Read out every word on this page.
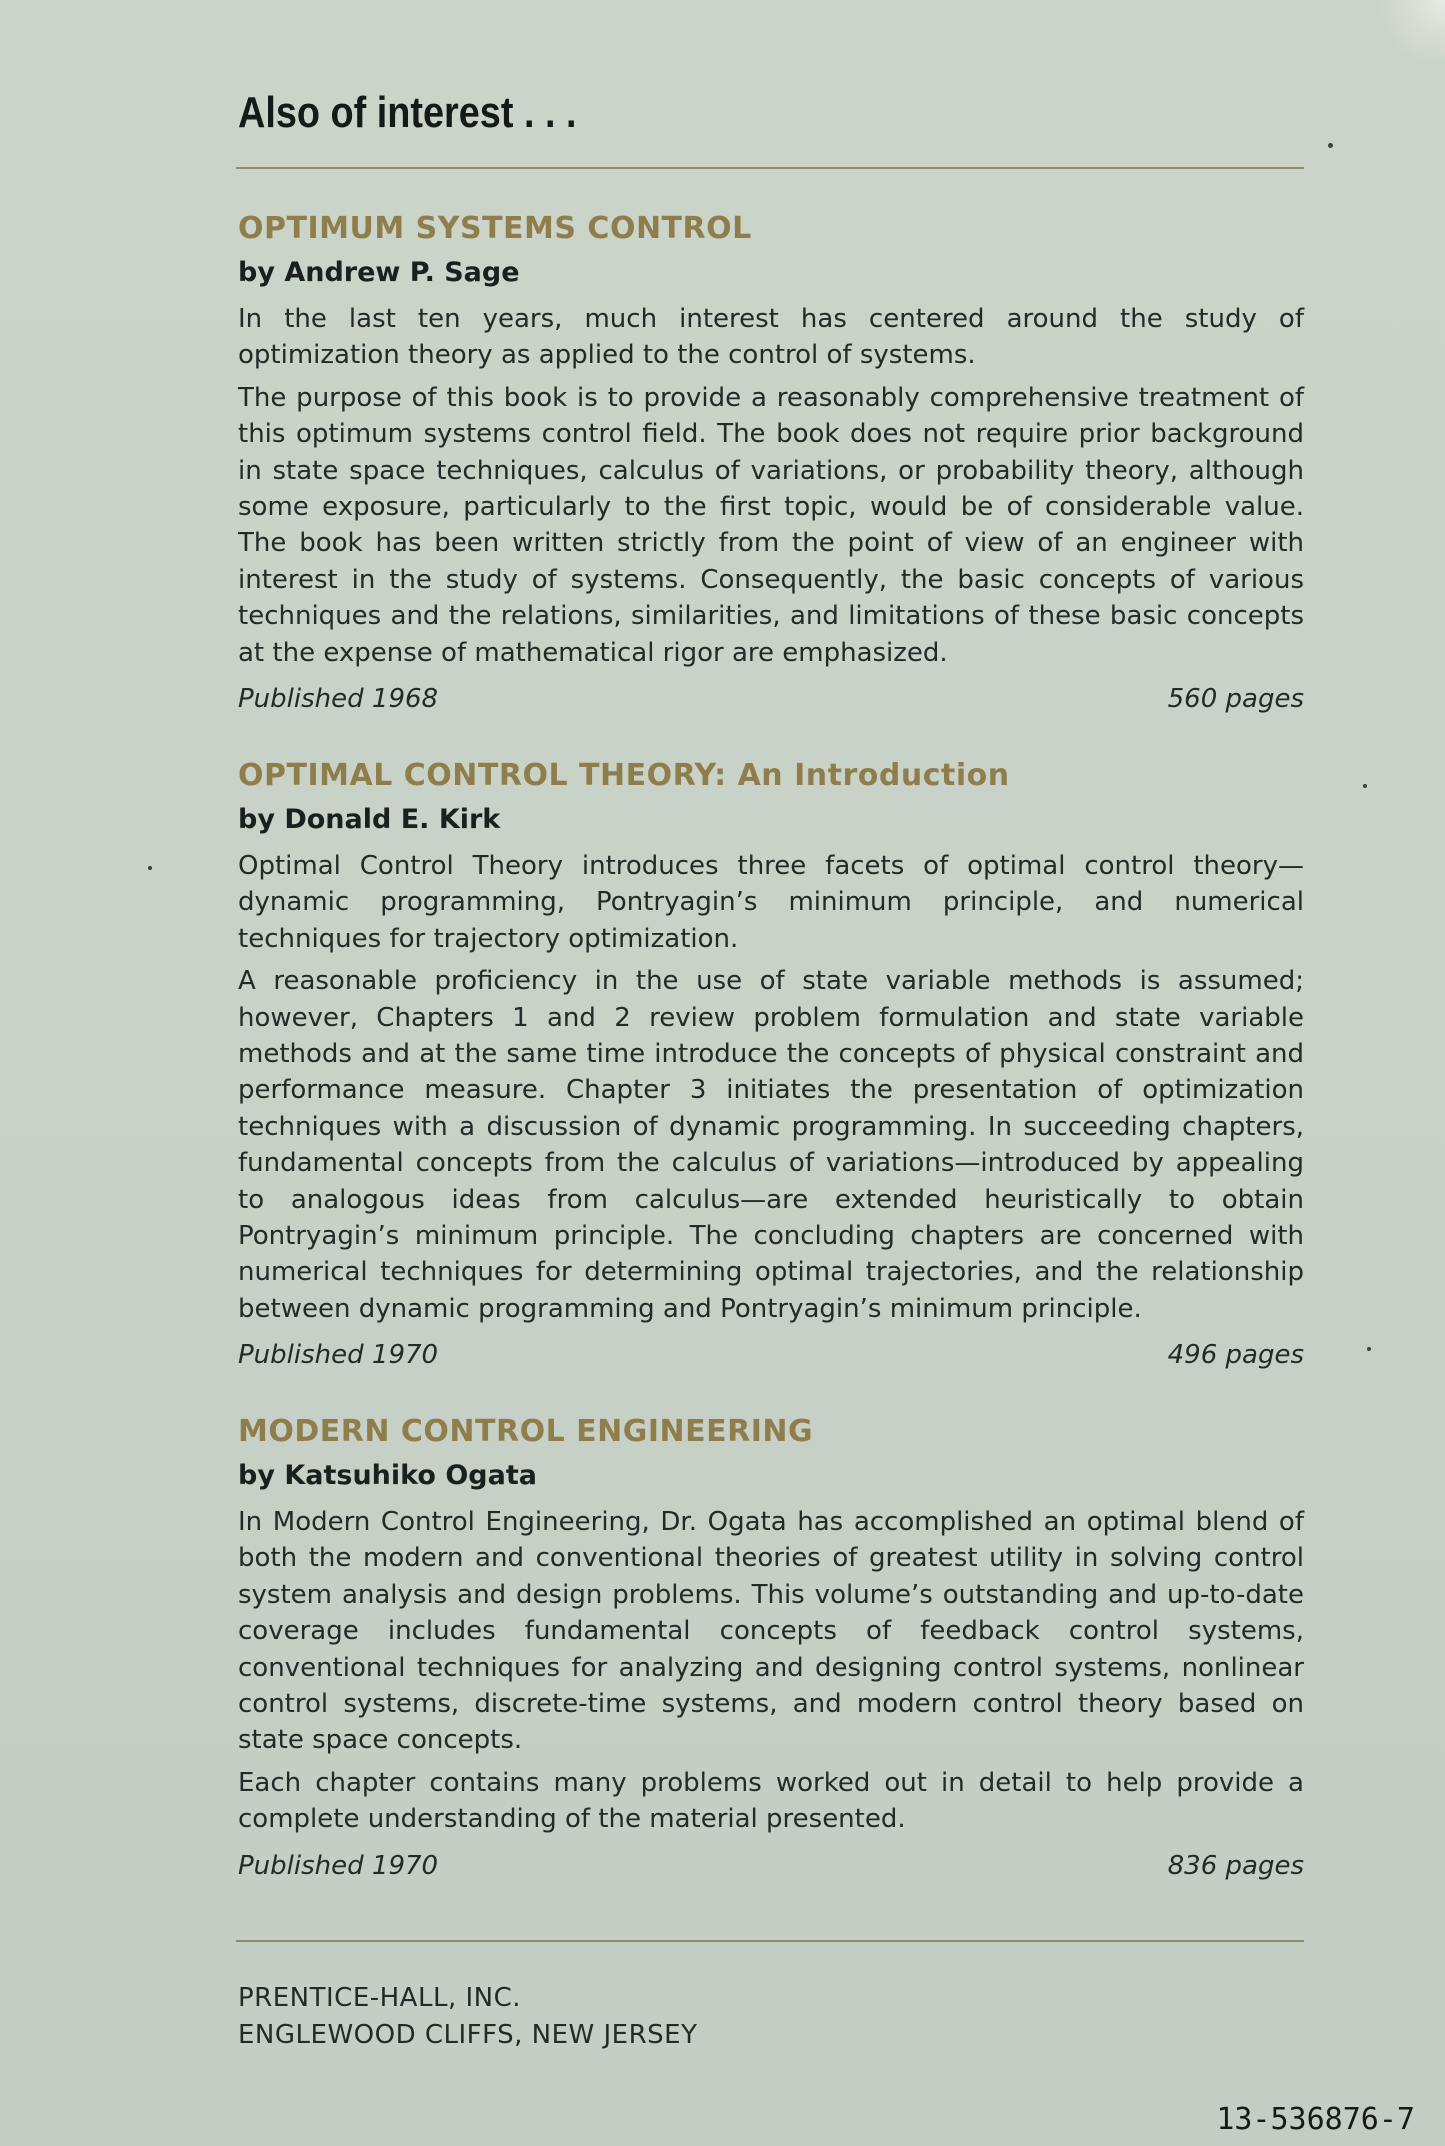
Also of interest . . .
OPTIMUM SYSTEMS CONTROL
by Andrew P. Sage
In the last ten years, much interest has centered around the study of optimization theory as applied to the control of systems.
The purpose of this book is to provide a reasonably comprehensive treatment of this optimum systems control field. The book does not require prior background in state space techniques, calculus of variations, or probability theory, although some exposure, particularly to the first topic, would be of considerable value. The book has been written strictly from the point of view of an engineer with interest in the study of systems. Consequently, the basic concepts of various techniques and the relations, similarities, and limitations of these basic concepts at the expense of mathematical rigor are emphasized.
Published 1968	560 pages
OPTIMAL CONTROL THEORY: An Introduction
by Donald E. Kirk
Optimal Control Theory introduces three facets of optimal control theory—dynamic programming, Pontryagin’s minimum principle, and numerical techniques for trajectory optimization.
A reasonable proficiency in the use of state variable methods is assumed; however, Chapters 1 and 2 review problem formulation and state variable methods and at the same time introduce the concepts of physical constraint and performance measure. Chapter 3 initiates the presentation of optimization techniques with a discussion of dynamic programming. In succeeding chapters, fundamental concepts from the calculus of variations—introduced by appealing to analogous ideas from calculus—are extended heuristically to obtain Pontryagin’s minimum principle. The concluding chapters are concerned with numerical techniques for determining optimal trajectories, and the relationship between dynamic programming and Pontryagin’s minimum principle.
Published 1970	496 pages
MODERN CONTROL ENGINEERING
by Katsuhiko Ogata
In Modern Control Engineering, Dr. Ogata has accomplished an optimal blend of both the modern and conventional theories of greatest utility in solving control system analysis and design problems. This volume’s outstanding and up-to-date coverage includes fundamental concepts of feedback control systems, conventional techniques for analyzing and designing control systems, nonlinear control systems, discrete-time systems, and modern control theory based on state space concepts.
Each chapter contains many problems worked out in detail to help provide a complete understanding of the material presented.
Published 1970	836 pages
PRENTICE-HALL, INC.
ENGLEWOOD CLIFFS, NEW JERSEY
13-536876-7
